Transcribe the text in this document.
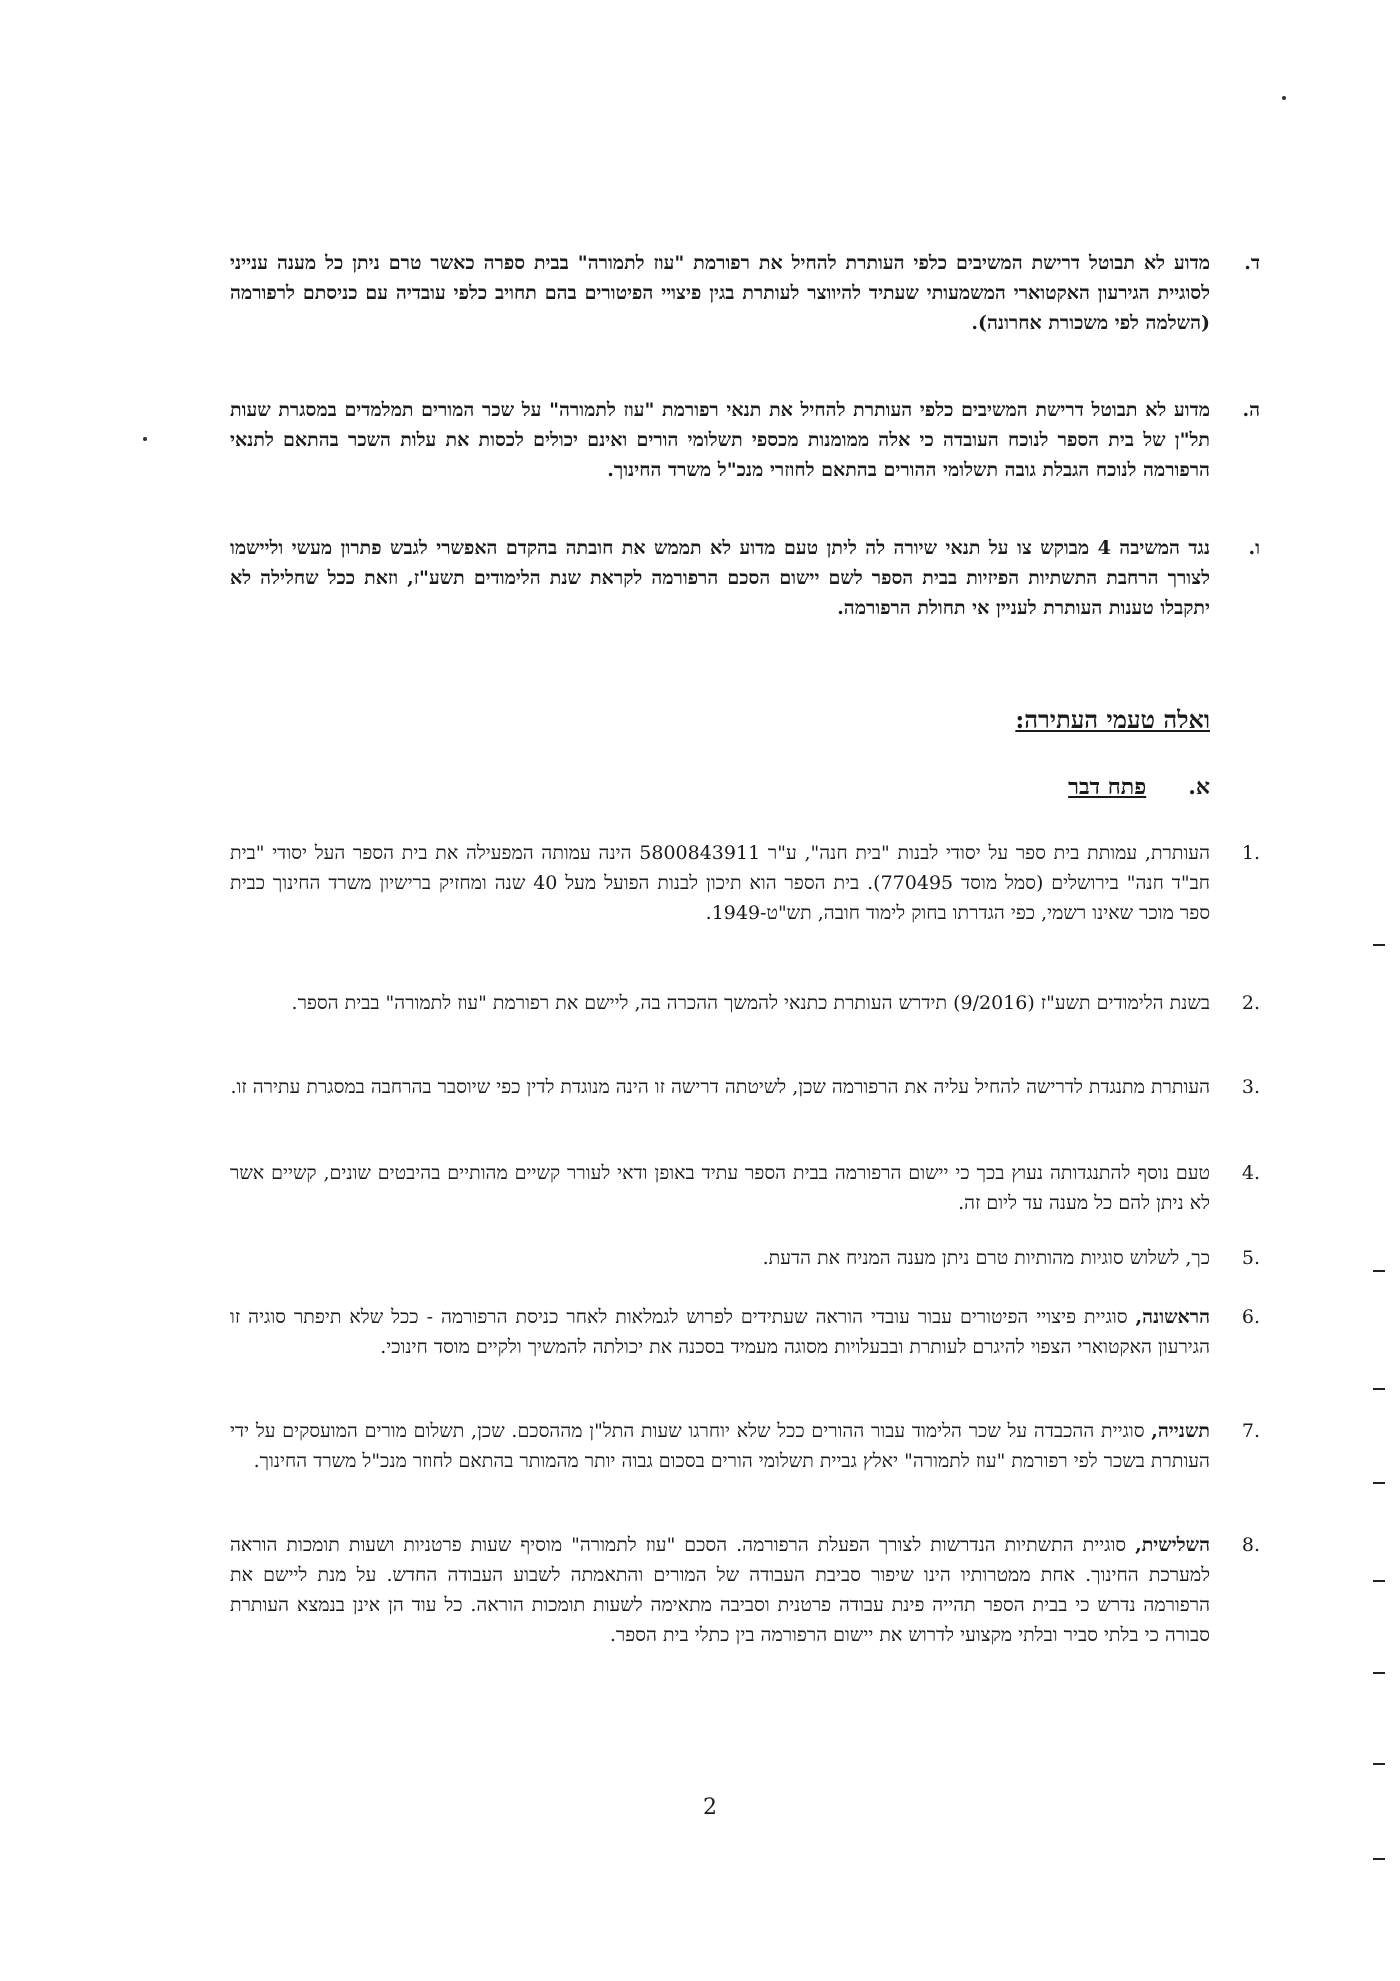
ד.
מדוע לא תבוטל דרישת המשיבים כלפי העותרת להחיל את רפורמת "עוז לתמורה" בבית ספרה כאשר טרם ניתן כל מענה ענייני לסוגיית הגירעון האקטוארי המשמעותי שעתיד להיווצר לעותרת בגין פיצויי הפיטורים בהם תחויב כלפי עובדיה עם כניסתם לרפורמה (השלמה לפי משכורת אחרונה).
ה.
מדוע לא תבוטל דרישת המשיבים כלפי העותרת להחיל את תנאי רפורמת "עוז לתמורה" על שכר המורים תמלמדים במסגרת שעות תל"ן של בית הספר לנוכח העובדה כי אלה ממומנות מכספי תשלומי הורים ואינם יכולים לכסות את עלות השכר בהתאם לתנאי הרפורמה לנוכח הגבלת גובה תשלומי ההורים בהתאם לחוזרי מנכ"ל משרד החינוך.
ו.
נגד המשיבה 4 מבוקש צו על תנאי שיורה לה ליתן טעם מדוע לא תממש את חובתה בהקדם האפשרי לגבש פתרון מעשי וליישמו לצורך הרחבת התשתיות הפיזיות בבית הספר לשם יישום הסכם הרפורמה לקראת שנת הלימודים תשע"ז, וזאת ככל שחלילה לא יתקבלו טענות העותרת לעניין אי תחולת הרפורמה.
ואלה טעמי העתירה:
א.
פתח דבר
.1
העותרת, עמותת בית ספר על יסודי לבנות "בית חנה", ע"ר 5800843911 הינה עמותה המפעילה את בית הספר העל יסודי "בית חב"ד חנה" בירושלים (סמל מוסד 770495). בית הספר הוא תיכון לבנות הפועל מעל 40 שנה ומחזיק ברישיון משרד החינוך כבית ספר מוכר שאינו רשמי, כפי הגדרתו בחוק לימוד חובה, תש"ט-1949.
.2
בשנת הלימודים תשע"ז (9/2016) תידרש העותרת כתנאי להמשך ההכרה בה, ליישם את רפורמת "עוז לתמורה" בבית הספר.
.3
העותרת מתנגדת לדרישה להחיל עליה את הרפורמה שכן, לשיטתה דרישה זו הינה מנוגדת לדין כפי שיוסבר בהרחבה במסגרת עתירה זו.
.4
טעם נוסף להתנגדותה נעוץ בכך כי יישום הרפורמה בבית הספר עתיד באופן ודאי לעורר קשיים מהותיים בהיבטים שונים, קשיים אשר לא ניתן להם כל מענה עד ליום זה.
.5
כך, לשלוש סוגיות מהותיות טרם ניתן מענה המניח את הדעת.
.6
הראשונה, סוגיית פיצויי הפיטורים עבור עובדי הוראה שעתידים לפרוש לגמלאות לאחר כניסת הרפורמה - ככל שלא תיפתר סוגיה זו הגירעון האקטוארי הצפוי להיגרם לעותרת ובבעלויות מסוגה מעמיד בסכנה את יכולתה להמשיך ולקיים מוסד חינוכי.
.7
תשנייה, סוגיית ההכבדה על שכר הלימוד עבור ההורים ככל שלא יוחרגו שעות התל"ן מההסכם. שכן, תשלום מורים המועסקים על ידי העותרת בשכר לפי רפורמת "עוז לתמורה" יאלץ גביית תשלומי הורים בסכום גבוה יותר מהמותר בהתאם לחוזר מנכ"ל משרד החינוך.
.8
השלישית, סוגיית התשתיות הנדרשות לצורך הפעלת הרפורמה. הסכם "עוז לתמורה" מוסיף שעות פרטניות ושעות תומכות הוראה למערכת החינוך. אחת ממטרותיו הינו שיפור סביבת העבודה של המורים והתאמתה לשבוע העבודה החדש. על מנת ליישם את הרפורמה נדרש כי בבית הספר תהייה פינת עבודה פרטנית וסביבה מתאימה לשעות תומכות הוראה. כל עוד הן אינן בנמצא העותרת סבורה כי בלתי סביר ובלתי מקצועי לדרוש את יישום הרפורמה בין כתלי בית הספר.
2
